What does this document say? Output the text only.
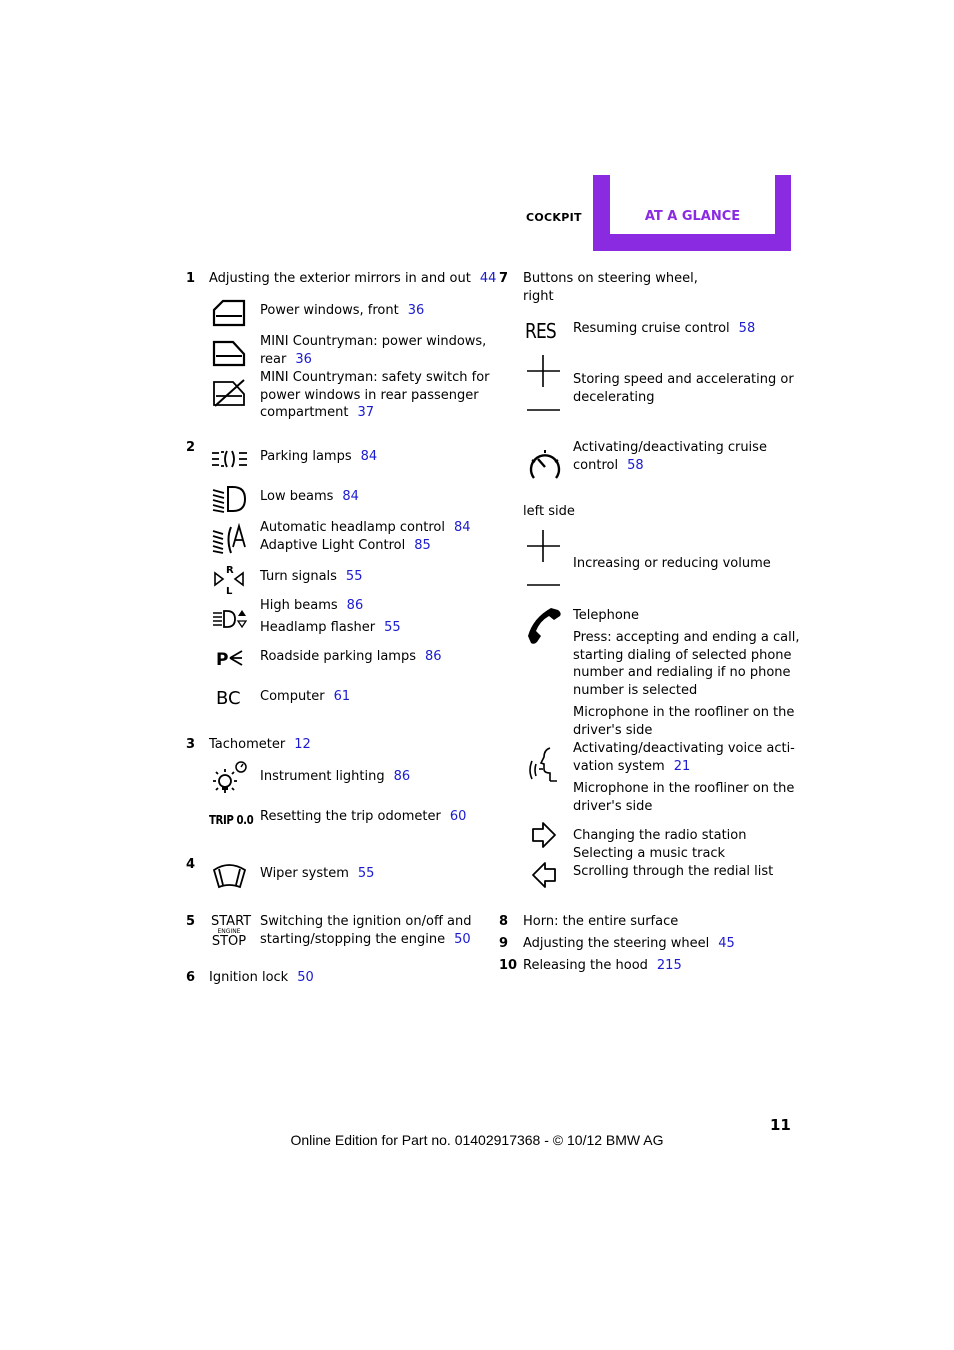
COCKPIT	AT A GLANCE
1 Adjusting the exterior mirrors in and out 44
Power windows, front 36
MINI Countryman: power windows,
rear 36
MINI Countryman: safety switch for
power windows in rear passenger
compartment 37
2
Parking lamps 84
Low beams 84
Automatic headlamp control 84
Adaptive Light Control 85
R
L
Turn signals 55
High beams 86
Headlamp flasher 55
P Roadside parking lamps 86
BC Computer 61
3 Tachometer 12
Instrument lighting 86
TRIP 0.0 Resetting the trip odometer 60
4
Wiper system 55
5 START
ENGINE
STOP
Switching the ignition on/off and
starting/stopping the engine 50
6 Ignition lock 50
7 Buttons on steering wheel,
right
RES Resuming cruise control 58
Storing speed and accelerating or
decelerating
Activating/deactivating cruise
control 58
left side
Increasing or reducing volume
Telephone
Press: accepting and ending a call,
starting dialing of selected phone
number and redialing if no phone
number is selected
Microphone in the roofliner on the
driver's side
Activating/deactivating voice acti-
vation system 21
Microphone in the roofliner on the
driver's side
Changing the radio station
Selecting a music track
Scrolling through the redial list
8 Horn: the entire surface
9 Adjusting the steering wheel 45
10 Releasing the hood 215
11
Online Edition for Part no. 01402917368 - © 10/12 BMW AG
